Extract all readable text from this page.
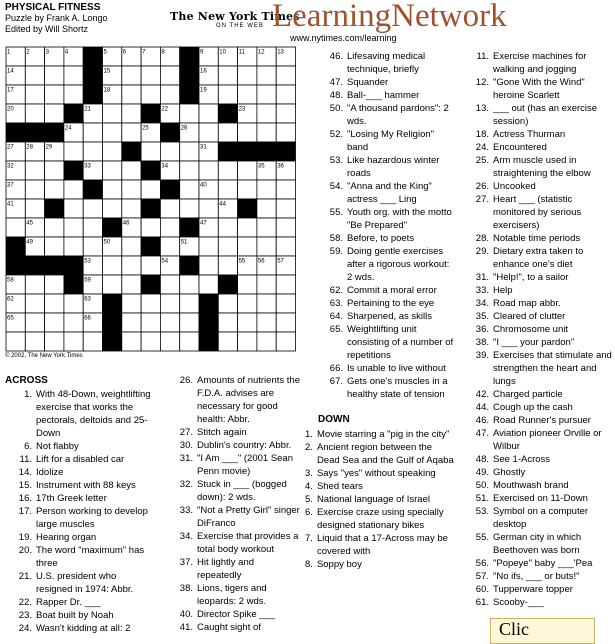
PHYSICAL FITNESS
Puzzle by Frank A. Longo
Edited by Will Shortz
The New York Times
ON THE WEB LearningNetwork
www.nytimes.com/learning
1	2	3	4	5	6	7	8	9	10 11 12 13
14	15	16
17	18	19
20	21	22	23
24	25	26
27 28 29	30	31
32	33	34	35 36
37	38	39	40
41	42	43	44
45	46	47
48 49	50	51
52	53	54	55 56 57
58	59	60	61
62	63	64
65	66	67
© 2002, The New York Times
ACROSS
1. With 48-Down, weightlifting exercise that works the pectorals, deltoids and 25-Down
6. Not flabby
11. Lift for a disabled car
14. Idolize
15. Instrument with 88 keys
16. 17th Greek letter
17. Person working to develop large muscles
19. Hearing organ
20. The word "maximum" has three
21. U.S. president who resigned in 1974: Abbr.
22. Rapper Dr. ___
23. Boat built by Noah
24. Wasn't kidding at all: 2
26. Amounts of nutrients the F.D.A. advises are necessary for good health: Abbr.
27. Stitch again
30. Dublin's country: Abbr.
31. "I Am ___" (2001 Sean Penn movie)
32. Stuck in ___ (bogged down): 2 wds.
33. "Not a Pretty Girl" singer DiFranco
34. Exercise that provides a total body workout
37. Hit lightly and repeatedly
38. Lions, tigers and leopards: 2 wds.
40. Director Spike ___
41. Caught sight of
46. Lifesaving medical technique, briefly
47. Squander
48. Ball-___ hammer
50. "A thousand pardons": 2 wds.
52. "Losing My Religion" band
53. Like hazardous winter roads
54. "Anna and the King" actress ___ Ling
55. Youth org. with the motto "Be Prepared"
58. Before, to poets
59. Doing gentle exercises after a rigorous workout: 2 wds.
62. Commit a moral error
63. Pertaining to the eye
64. Sharpened, as skills
65. Weightlifting unit consisting of a number of repetitions
66. Is unable to live without
67. Gets one's muscles in a healthy state of tension
DOWN
1. Movie starring a "pig in the city"
2. Ancient region between the Dead Sea and the Gulf of Aqaba
3. Says "yes" without speaking
4. Shed tears
5. National language of Israel
6. Exercise craze using specially designed stationary bikes
7. Liquid that a 17-Across may be covered with
8. Soppy boy
11. Exercise machines for walking and jogging
12. "Gone With the Wind" heroine Scarlett
13. ___ out (has an exercise session)
18. Actress Thurman
24. Encountered
25. Arm muscle used in straightening the elbow
26. Uncooked
27. Heart ___ (statistic monitored by serious exercisers)
28. Notable time periods
29. Dietary extra taken to enhance one's diet
31. "Help!", to a sailor
33. Help
34. Road map abbr.
35. Cleared of clutter
36. Chromosome unit
38. "I ___ your pardon"
39. Exercises that stimulate and strengthen the heart and lungs
42. Charged particle
44. Cough up the cash
46. Road Runner's pursuer
47. Aviation pioneer Orville or Wilbur
48. See 1-Across
49. Ghostly
50. Mouthwash brand
51. Exercised on 11-Down
53. Symbol on a computer desktop
55. German city in which Beethoven was born
56. "Popeye" baby ___'Pea
57. "No ifs, ___ or buts!"
60. Tupperware topper
61. Scooby-___
Clic
